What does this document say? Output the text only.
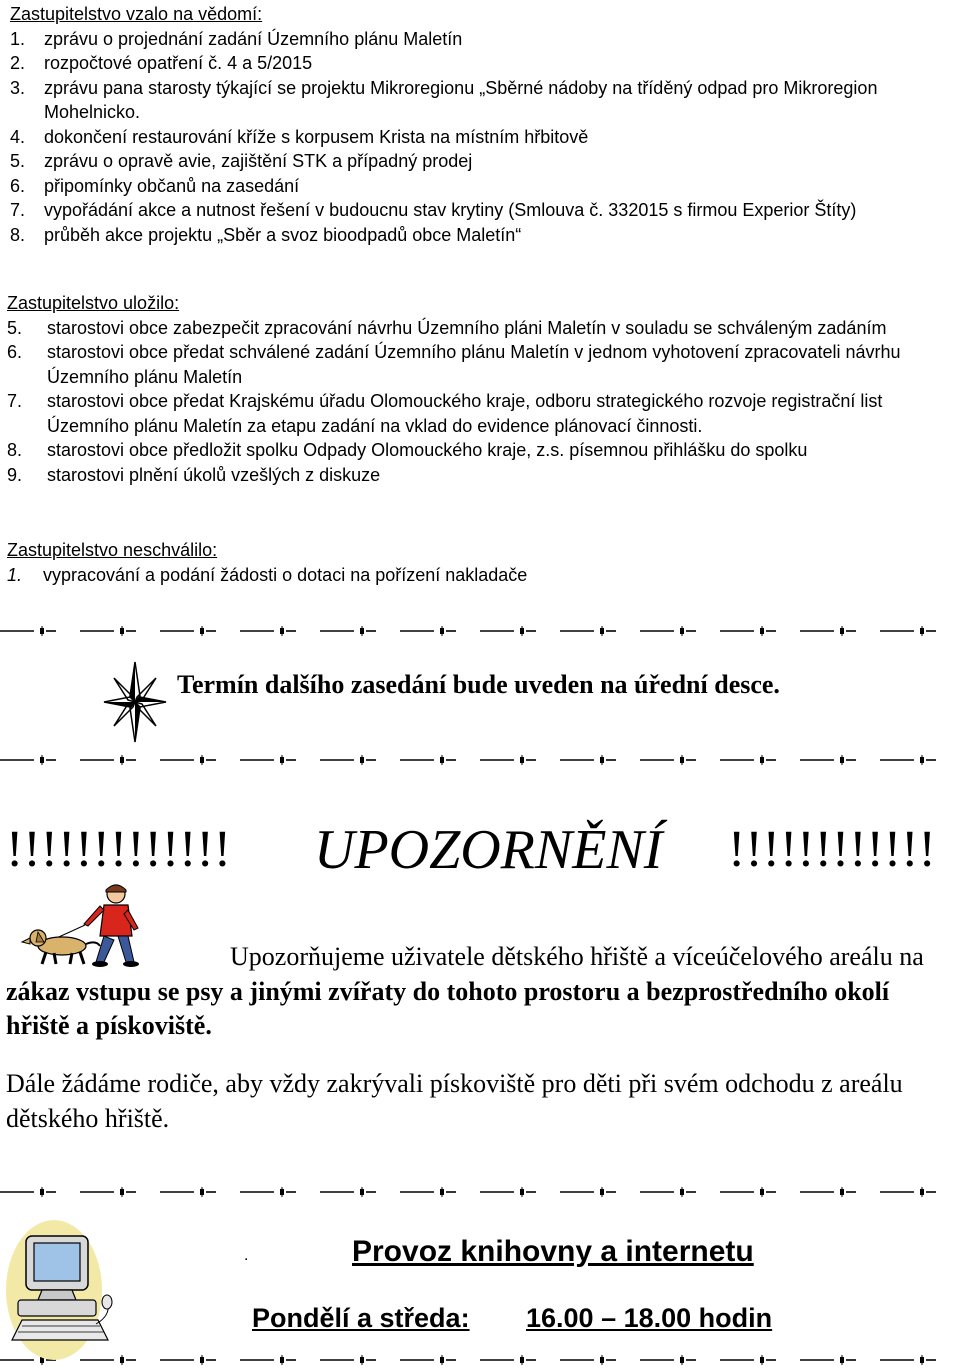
Zastupitelstvo vzalo na vědomí:
1. zprávu o projednání zadání Územního plánu Maletín
2. rozpočtové opatření č. 4 a 5/2015
3. zprávu pana starosty týkající se projektu Mikroregionu „Sběrné nádoby na tříděný odpad pro Mikroregion Mohelnicko.
4. dokončení restaurování kříže s korpusem Krista na místním hřbitově
5. zprávu o opravě avie, zajištění STK a případný prodej
6. připomínky občanů na zasedání
7. vypořádání akce a nutnost řešení v budoucnu stav krytiny (Smlouva č. 332015 s firmou Experior Štíty)
8. průběh akce projektu „Sběr a svoz bioodpadů obce Maletín“
Zastupitelstvo uložilo:
5. starostovi obce zabezpečit zpracování návrhu Územního pláni Maletín v souladu se schváleným zadáním
6. starostovi obce předat schválené zadání Územního plánu Maletín v jednom vyhotovení zpracovateli návrhu Územního plánu Maletín
7. starostovi obce předat Krajskému úřadu Olomouckého kraje, odboru strategického rozvoje registrační list Územního plánu Maletín za etapu zadání na vklad do evidence plánovací činnosti.
8. starostovi obce předložit spolku Odpady Olomouckého kraje, z.s. písemnou přihlášku do spolku
9. starostovi plnění úkolů vzešlých z diskuze
Zastupitelstvo neschválilo:
1. vypracování a podání žádosti o dotaci na pořízení nakladače
Termín dalšího zasedání bude uveden na úřední desce.
!!!!!!!!!!!!! UPOZORNĚNÍ !!!!!!!!!!!!
Upozorňujeme uživatele dětského hřiště a víceúčelového areálu na zákaz vstupu se psy a jinými zvířaty do tohoto prostoru a bezprostředního okolí hřiště a pískoviště.
Dále žádáme rodiče, aby vždy zakrývali pískoviště pro děti při svém odchodu z areálu dětského hřiště.
.	Provoz knihovny a internetu
Pondělí a středa: 16.00 – 18.00 hodin
